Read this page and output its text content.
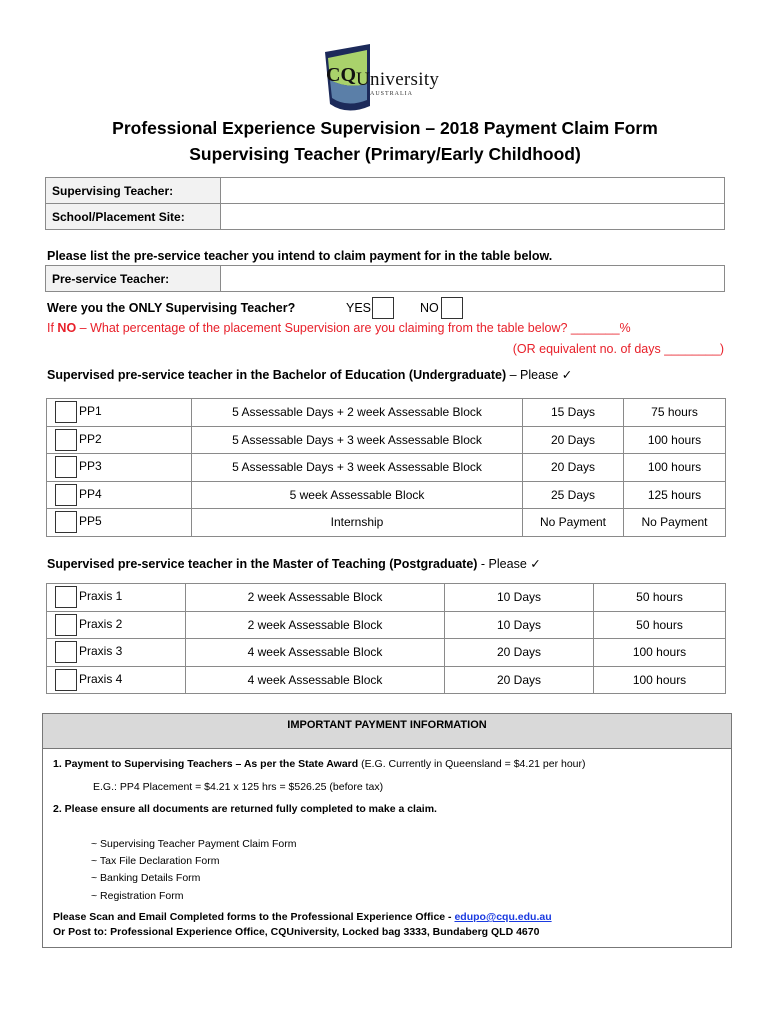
CQ University
AUSTRALIA
Professional Experience Supervision – 2018 Payment Claim Form
Supervising Teacher (Primary/Early Childhood)
Supervising Teacher:	
School/Placement Site:	
Please list the pre-service teacher you intend to claim payment for in the table below.
Pre-service Teacher:	
Were you the ONLY Supervising Teacher?	YES	NO
If NO – What percentage of the placement Supervision are you claiming from the table below? _______%
(OR equivalent no. of days ________)
Supervised pre-service teacher in the Bachelor of Education (Undergraduate) – Please ✓
PP1	5 Assessable Days + 2 week Assessable Block	15 Days	75 hours
PP2	5 Assessable Days + 3 week Assessable Block	20 Days	100 hours
PP3	5 Assessable Days + 3 week Assessable Block	20 Days	100 hours
PP4	5 week Assessable Block	25 Days	125 hours
PP5	Internship	No Payment	No Payment
Supervised pre-service teacher in the Master of Teaching (Postgraduate) - Please ✓
Praxis 1	2 week Assessable Block	10 Days	50 hours
Praxis 2	2 week Assessable Block	10 Days	50 hours
Praxis 3	4 week Assessable Block	20 Days	100 hours
Praxis 4	4 week Assessable Block	20 Days	100 hours
IMPORTANT PAYMENT INFORMATION
1. Payment to Supervising Teachers – As per the State Award (E.G. Currently in Queensland = $4.21 per hour)
E.G.: PP4 Placement = $4.21 x 125 hrs = $526.25 (before tax)
2. Please ensure all documents are returned fully completed to make a claim.
~ Supervising Teacher Payment Claim Form
~ Tax File Declaration Form
~ Banking Details Form
~ Registration Form
Please Scan and Email Completed forms to the Professional Experience Office - edupo@cqu.edu.au
Or Post to: Professional Experience Office, CQUniversity, Locked bag 3333, Bundaberg QLD 4670
